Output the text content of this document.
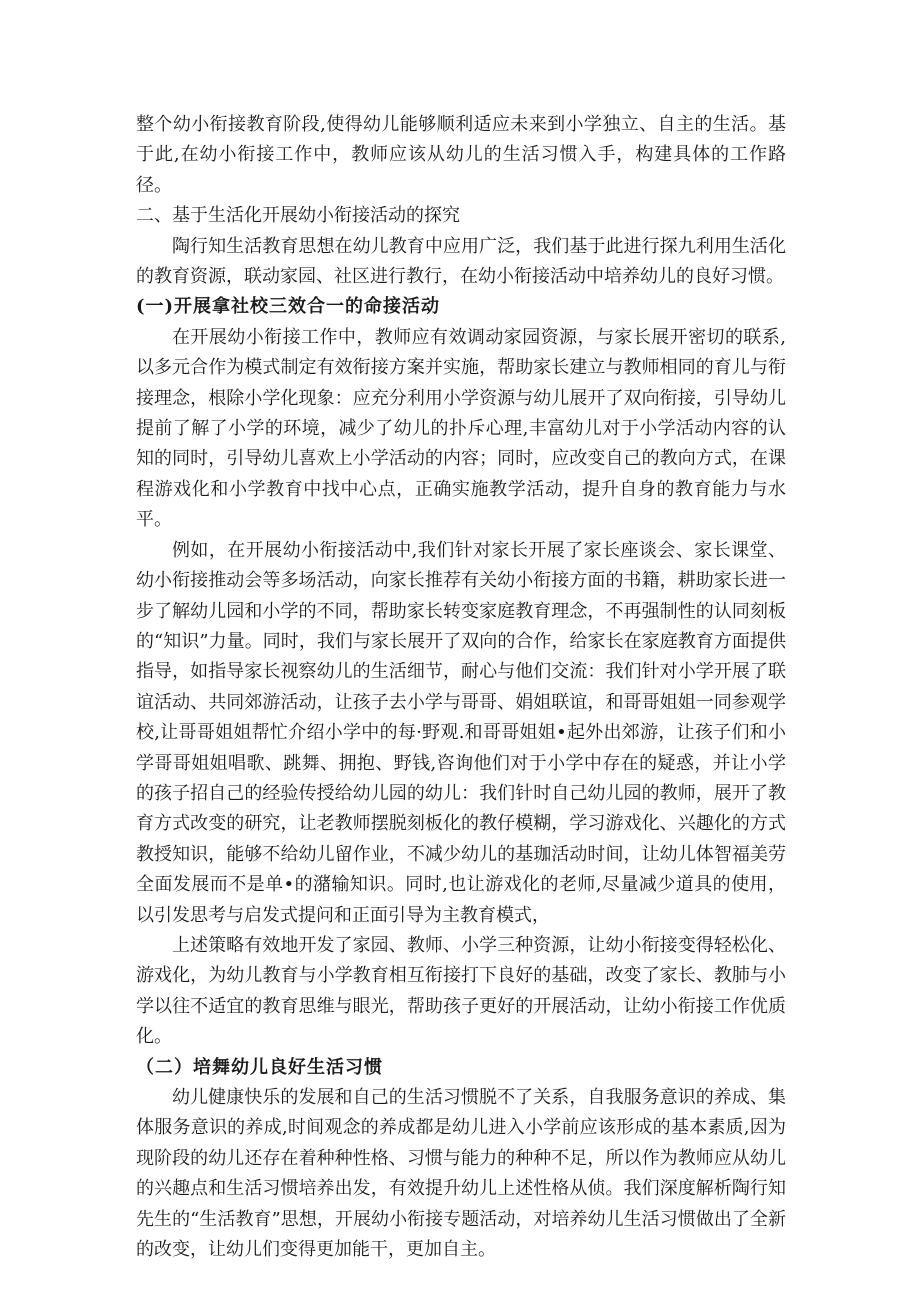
整个幼小衔接教育阶段,使得幼儿能够顺利适应未来到小学独立、自主的生活。基于此,在幼小衔接工作中，教师应该从幼儿的生活习惯入手，构建具体的工作路径。

二、基于生活化开展幼小衔接活动的探究

陶行知生活教育思想在幼儿教育中应用广泛，我们基于此进行探九利用生活化的教育资源，联动家园、社区进行教行，在幼小衔接活动中培养幼儿的良好习惯。

(一)开展拿社校三效合一的命接活动

在开展幼小衔接工作中，教师应有效调动家园资源，与家长展开密切的联系,以多元合作为模式制定有效衔接方案并实施，帮助家长建立与教师相同的育儿与衔接理念，根除小学化现象：应充分利用小学资源与幼儿展开了双向衔接，引导幼儿提前了解了小学的环境，减少了幼儿的扑斥心理,丰富幼儿对于小学活动内容的认知的同时，引导幼儿喜欢上小学活动的内容；同时，应改变自己的教向方式，在课程游戏化和小学教育中找中心点，正确实施教学活动，提升自身的教育能力与水平。

例如，在开展幼小衔接活动中,我们针对家长开展了家长座谈会、家长课堂、幼小衔接推动会等多场活动，向家长推荐有关幼小衔接方面的书籍，耕助家长进一步了解幼儿园和小学的不同，帮助家长转变家庭教育理念，不再强制性的认同刻板的“知识”力量。同时，我们与家长展开了双向的合作，给家长在家庭教育方面提供指导，如指导家长视察幼儿的生活细节，耐心与他们交流：我们针对小学开展了联谊活动、共同郊游活动，让孩子去小学与哥哥、娟姐联谊，和哥哥姐姐一同参观学校,让哥哥姐姐帮忙介绍小学中的每·野观.和哥哥姐姐•起外出郊游，让孩子们和小学哥哥姐姐唱歌、跳舞、拥抱、野钱,咨询他们对于小学中存在的疑惑，并让小学的孩子招自己的经验传授给幼儿园的幼儿：我们针时自己幼儿园的教师，展开了教育方式改变的研究，让老教师摆脱刻板化的教仔模糊，学习游戏化、兴趣化的方式教授知识，能够不给幼儿留作业，不减少幼儿的基珈活动时间，让幼儿体智福美劳全面发展而不是单•的潴输知识。同时,也让游戏化的老师,尽量减少道具的使用，以引发思考与启发式提问和正面引导为主教育模式，

上述策略有效地开发了家园、教师、小学三种资源，让幼小衔接变得轻松化、游戏化，为幼儿教育与小学教育相互衔接打下良好的基础，改变了家长、教肺与小学以往不适宜的教育思维与眼光，帮助孩子更好的开展活动，让幼小衔接工作优质化。

（二）培舞幼儿良好生活习惯

幼儿健康快乐的发展和自己的生活习惯脱不了关系，自我服务意识的养成、集体服务意识的养成,时间观念的养成都是幼儿进入小学前应该形成的基本素质,因为现阶段的幼儿还存在着种种性格、习惯与能力的种种不足，所以作为教师应从幼儿的兴趣点和生活习惯培养出发，有效提升幼儿上述性格从侦。我们深度解析陶行知先生的“生活教育”思想，开展幼小衔接专题活动，对培养幼儿生活习惯做出了全新的改变，让幼儿们变得更加能干，更加自主。
